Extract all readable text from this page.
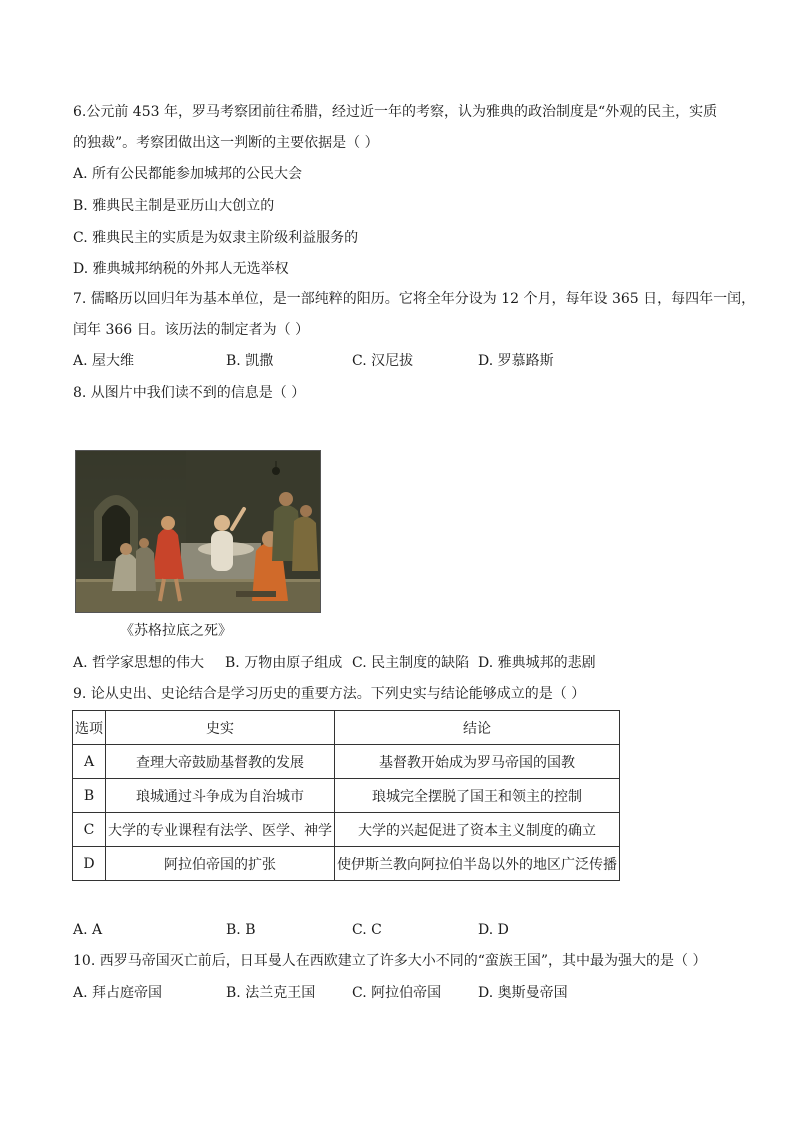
6.公元前 453 年，罗马考察团前往希腊，经过近一年的考察，认为雅典的政治制度是“外观的民主，实质
的独裁”。考察团做出这一判断的主要依据是（ ）
A. 所有公民都能参加城邦的公民大会
B. 雅典民主制是亚历山大创立的
C. 雅典民主的实质是为奴隶主阶级利益服务的
D. 雅典城邦纳税的外邦人无选举权
7. 儒略历以回归年为基本单位，是一部纯粹的阳历。它将全年分设为 12 个月，每年设 365 日，每四年一闰，
闰年 366 日。该历法的制定者为（ ）
A. 屋大维	B. 凯撒	C. 汉尼拔	D. 罗慕路斯
8. 从图片中我们读不到的信息是（ ）
《苏格拉底之死》
A. 哲学家思想的伟大 B. 万物由原子组成 C. 民主制度的缺陷 D. 雅典城邦的悲剧
9. 论从史出、史论结合是学习历史的重要方法。下列史实与结论能够成立的是（ ）
选项	史实	结论
A	查理大帝鼓励基督教的发展	基督教开始成为罗马帝国的国教
B	琅城通过斗争成为自治城市	琅城完全摆脱了国王和领主的控制
C	大学的专业课程有法学、医学、神学	大学的兴起促进了资本主义制度的确立
D	阿拉伯帝国的扩张	使伊斯兰教向阿拉伯半岛以外的地区广泛传播
A. A	B. B	C. C	D. D
10. 西罗马帝国灭亡前后，日耳曼人在西欧建立了许多大小不同的“蛮族王国”，其中最为强大的是（ ）
A. 拜占庭帝国	B. 法兰克王国	C. 阿拉伯帝国	D. 奥斯曼帝国
